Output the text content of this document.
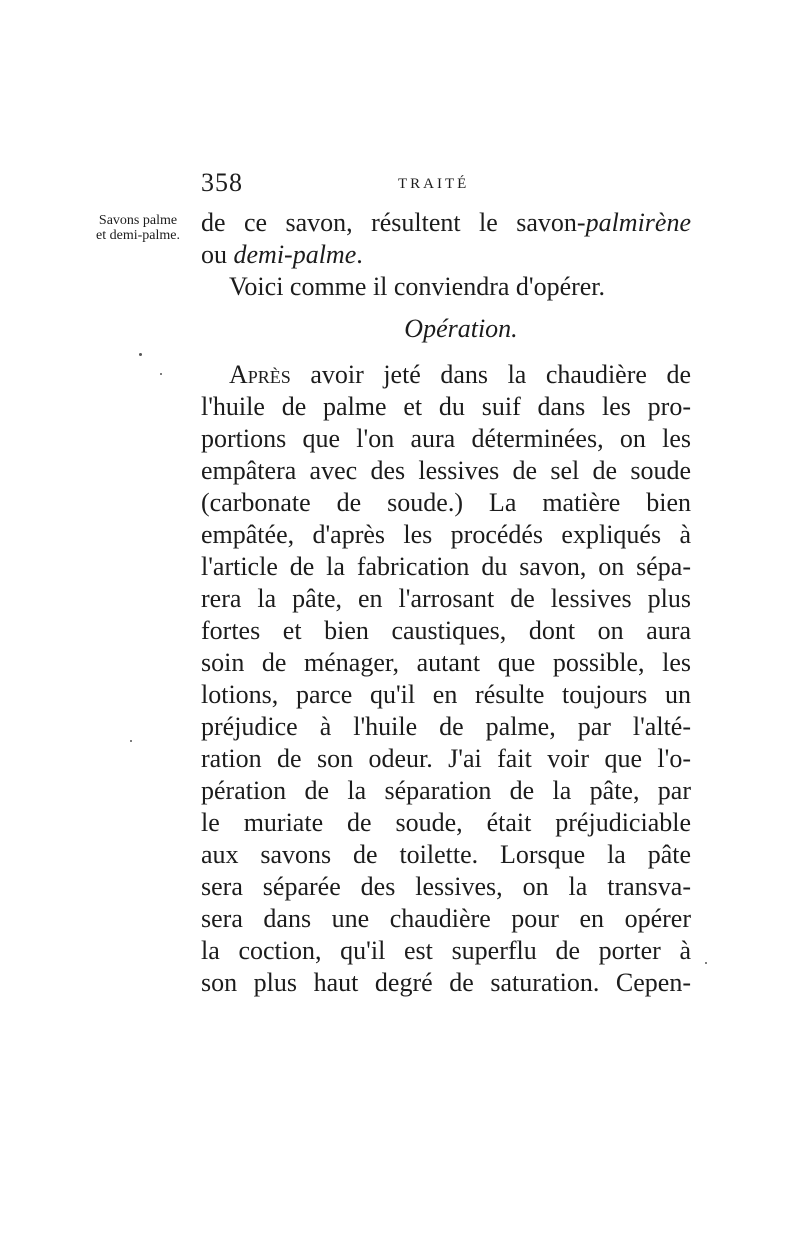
358	TRAITÉ
Savons palme
et demi-palme. de ce savon, résultent le savon-palmirène
ou demi-palme.
Voici comme il conviendra d'opérer.
Opération.
Après avoir jeté dans la chaudière de
l'huile de palme et du suif dans les pro-
portions que l'on aura déterminées, on les
empâtera avec des lessives de sel de soude
(carbonate de soude.) La matière bien
empâtée, d'après les procédés expliqués à
l'article de la fabrication du savon, on sépa-
rera la pâte, en l'arrosant de lessives plus
fortes et bien caustiques, dont on aura
soin de ménager, autant que possible, les
lotions, parce qu'il en résulte toujours un
préjudice à l'huile de palme, par l'alté-
ration de son odeur. J'ai fait voir que l'o-
pération de la séparation de la pâte, par
le muriate de soude, était préjudiciable
aux savons de toilette. Lorsque la pâte
sera séparée des lessives, on la transva-
sera dans une chaudière pour en opérer
la coction, qu'il est superflu de porter à
son plus haut degré de saturation. Cepen-
